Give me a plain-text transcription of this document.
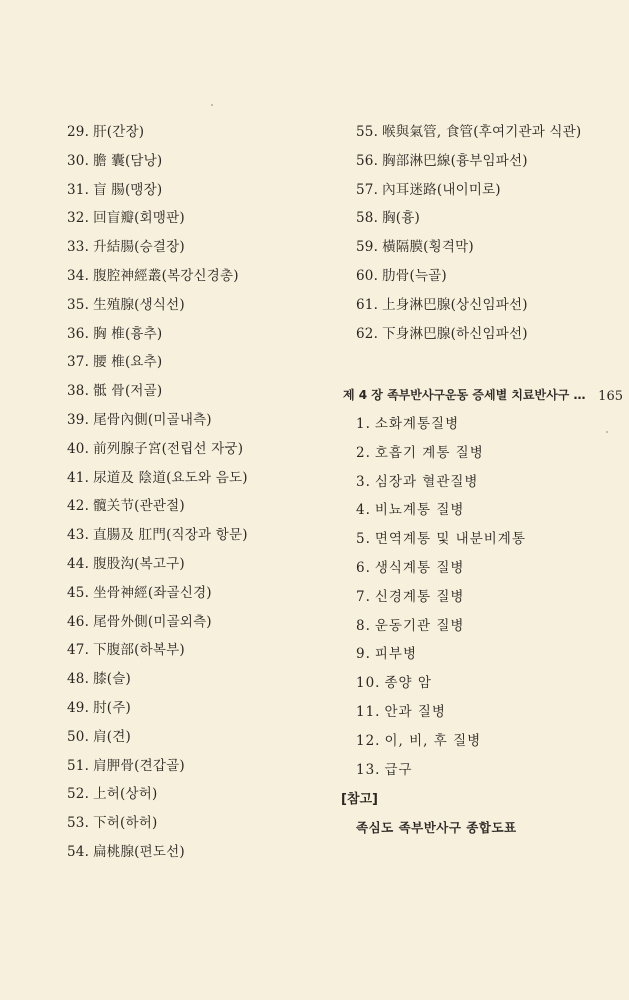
29. 肝(간장)
30. 膽 囊(담낭)
31. 盲 腸(맹장)
32. 回盲瓣(회맹판)
33. 升結腸(승결장)
34. 腹腔神經叢(복강신경총)
35. 生殖腺(생식선)
36. 胸 椎(흉추)
37. 腰 椎(요추)
38. 骶 骨(저골)
39. 尾骨內側(미골내측)
40. 前列腺子宮(전립선 자궁)
41. 尿道及 陰道(요도와 음도)
42. 髖关节(관관절)
43. 直腸及 肛門(직장과 항문)
44. 腹股沟(복고구)
45. 坐骨神經(좌골신경)
46. 尾骨外側(미골외측)
47. 下腹部(하복부)
48. 膝(슬)
49. 肘(주)
50. 肩(견)
51. 肩胛骨(견갑골)
52. 上허(상허)
53. 下허(하허)
54. 扁桃腺(편도선)
55. 喉與氣管, 食管(후여기관과 식관)
56. 胸部淋巴線(흉부임파선)
57. 內耳迷路(내이미로)
58. 胸(흉)
59. 橫隔膜(횡격막)
60. 肋骨(늑골)
61. 上身淋巴腺(상신임파선)
62. 下身淋巴腺(하신임파선)
제 4 장 족부반사구운동 증세별 치료반사구 … 165
1. 소화계통질병
2. 호흡기 계통 질병
3. 심장과 혈관질병
4. 비뇨계통 질병
5. 면역계통 및 내분비계통
6. 생식계통 질병
7. 신경계통 질병
8. 운동기관 질병
9. 피부병
10. 종양 암
11. 안과 질병
12. 이, 비, 후 질병
13. 급구
[참고]
족심도 족부반사구 종합도표
